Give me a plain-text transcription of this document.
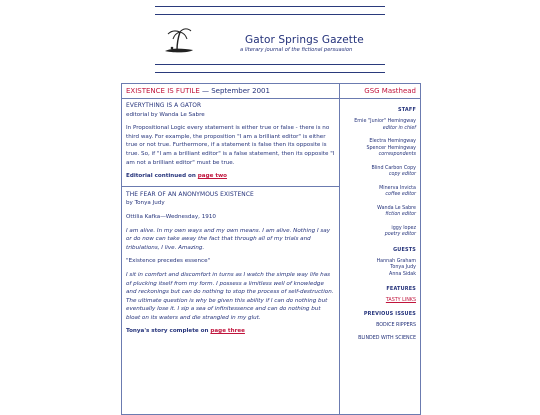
Gator Springs Gazette
a literary journal of the fictional persuasion
EXISTENCE IS FUTILE — September 2001
EVERYTHING IS A GATOR
editorial by Wanda Le Sabre

In Propositional Logic every statement is either true or false - there is no third way. For example, the proposition "I am a brilliant editor" is either true or not true. Furthermore, if a statement is false then its opposite is true. So, if "I am a brilliant editor" is a false statement, then its opposite "I am not a brilliant editor" must be true.

Editorial continued on page two

THE FEAR OF AN ANONYMOUS EXISTENCE
by Tonya Judy

Ottilia Kafka—Wednesday, 1910

I am alive. In my own ways and my own means. I am alive. Nothing I say or do now can take away the fact that through all of my trials and tribulations, I live. Amazing.

"Existence precedes essence"

I sit in comfort and discomfort in turns as I watch the simple way life has of plucking itself from my form. I possess a limitless well of knowledge and reckonings but can do nothing to stop the process of self-destruction. The ultimate question is why be given this ability if I can do nothing but eventually lose it. I sip a sea of infinitessence and can do nothing but bloat on its waters and die strangled in my glut.

Tonya's story complete on page three

GSG Masthead
STAFF
Ernie "Junior" Hemingway
editor in chief
Electra Hemingway
Spencer Hemingway
correspondents
Blind Carbon Copy
copy editor
Minerva Invicta
coffee editor
Wanda Le Sabre
fiction editor
iggy lopez
poetry editor
GUESTS
Hannah Graham
Tonya Judy
Anna Sidak
FEATURES
TASTY LINKS
PREVIOUS ISSUES
BODICE RIPPERS
BLINDED WITH SCIENCE
